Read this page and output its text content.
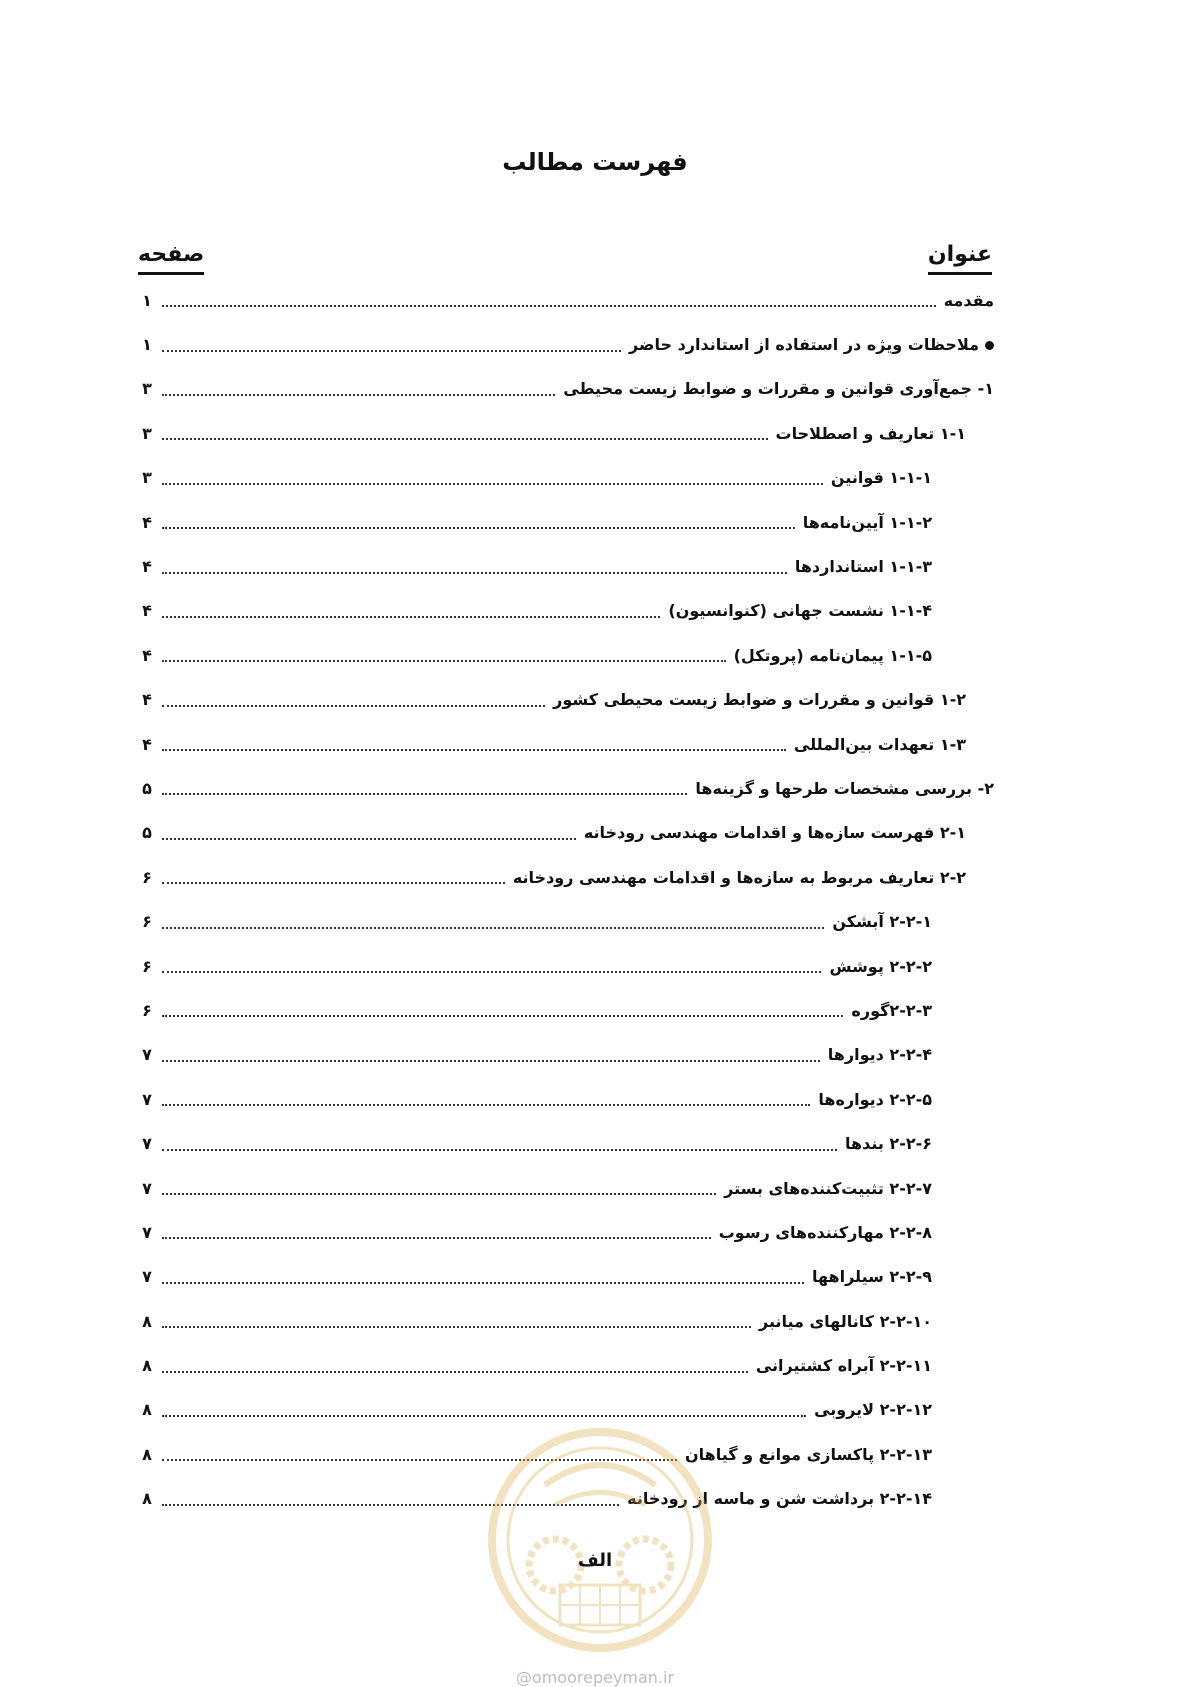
فهرست مطالب
عنوان
صفحه
مقدمه
۱
ملاحظات ویژه در استفاده از استاندارد حاضر
۱
۱- جمع‌آوری قوانین و مقررات و ضوابط زیست محیطی
۳
۱-۱ تعاریف و اصطلاحات
۳
۱-۱-۱ قوانین
۳
۱-۱-۲ آیین‌نامه‌ها
۴
۱-۱-۳ استانداردها
۴
۱-۱-۴ نشست جهانی (کنوانسیون)
۴
۱-۱-۵ پیمان‌نامه (پروتکل)
۴
۱-۲ قوانین و مقررات و ضوابط زیست محیطی کشور
۴
۱-۳ تعهدات بین‌المللی
۴
۲- بررسی مشخصات طرحها و گزینه‌ها
۵
۲-۱ فهرست سازه‌ها و اقدامات مهندسی رودخانه
۵
۲-۲ تعاریف مربوط به سازه‌ها و اقدامات مهندسی رودخانه
۶
۲-۲-۱ آبشکن
۶
۲-۲-۲ پوشش
۶
۲-۲-۳گوره
۶
۲-۲-۴ دیوارها
۷
۲-۲-۵ دیواره‌ها
۷
۲-۲-۶ بندها
۷
۲-۲-۷ تثبیت‌کننده‌های بستر
۷
۲-۲-۸ مهارکننده‌های رسوب
۷
۲-۲-۹ سیلراهها
۷
۲-۲-۱۰ کانالهای میانبر
۸
۲-۲-۱۱ آبراه کشتیرانی
۸
۲-۲-۱۲ لایروبی
۸
۲-۲-۱۳ پاکسازی موانع و گیاهان
۸
۲-۲-۱۴ برداشت شن و ماسه از رودخانه
۸
الف
@omoorepeyman.ir
